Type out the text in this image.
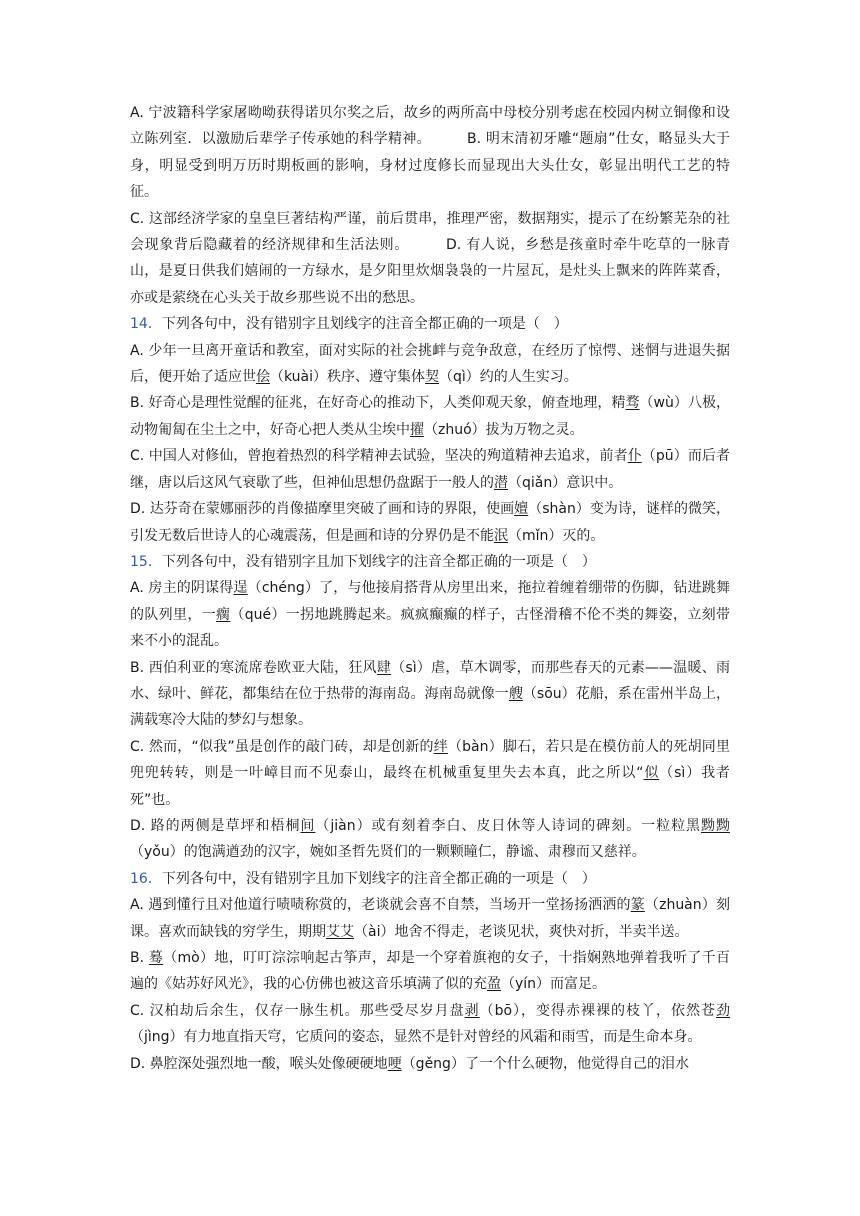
A. 宁波籍科学家屠呦呦获得诺贝尔奖之后，故乡的两所高中母校分别考虑在校园内树立铜像和设立陈列室．以激励后辈学子传承她的科学精神。　　　B. 明末清初牙雕“题扇”仕女，略显头大于身，明显受到明万历时期板画的影响，身材过度修长而显现出大头仕女，彰显出明代工艺的特征。

C. 这部经济学家的皇皇巨著结构严谨，前后贯串，推理严密，数据翔实，提示了在纷繁芜杂的社会现象背后隐藏着的经济规律和生活法则。　　　D. 有人说，乡愁是孩童时牵牛吃草的一脉青山，是夏日供我们嬉闹的一方绿水，是夕阳里炊烟袅袅的一片屋瓦，是灶头上飘来的阵阵菜香，亦或是萦绕在心头关于故乡那些说不出的愁思。

14．下列各句中，没有错别字且划线字的注音全都正确的一项是（　）

A. 少年一旦离开童话和教室，面对实际的社会挑衅与竞争敌意，在经历了惊愕、迷惘与进退失据后，便开始了适应世侩（kuài）秩序、遵守集体契（qì）约的人生实习。

B. 好奇心是理性觉醒的征兆，在好奇心的推动下，人类仰观天象，俯查地理，精骛（wù）八极，动物匍匐在尘土之中，好奇心把人类从尘埃中擢（zhuó）拔为万物之灵。

C. 中国人对修仙，曾抱着热烈的科学精神去试验，坚决的殉道精神去追求，前者仆（pū）而后者继，唐以后这风气衰歇了些，但神仙思想仍盘踞于一般人的潜（qiǎn）意识中。

D. 达芬奇在蒙娜丽莎的肖像描摩里突破了画和诗的界限，使画嬗（shàn）变为诗，谜样的微笑，引发无数后世诗人的心魂震荡，但是画和诗的分界仍是不能泯（mǐn）灭的。

15．下列各句中，没有错别字且加下划线字的注音全都正确的一项是（　）

A. 房主的阴谋得逞（chéng）了，与他接肩搭背从房里出来，拖拉着缠着绷带的伤脚，钻进跳舞的队列里，一瘸（qué）一拐地跳腾起来。疯疯癫癫的样子，古怪滑稽不伦不类的舞姿，立刻带来不小的混乱。

B. 西伯利亚的寒流席卷欧亚大陆，狂风肆（sì）虐，草木调零，而那些春天的元素——温暖、雨水、绿叶、鲜花，都集结在位于热带的海南岛。海南岛就像一艘（sōu）花船，系在雷州半岛上，满载寒冷大陆的梦幻与想象。

C. 然而，“似我”虽是创作的敲门砖，却是创新的绊（bàn）脚石，若只是在模仿前人的死胡同里兜兜转转，则是一叶嶂目而不见泰山，最终在机械重复里失去本真，此之所以“似（sì）我者死”也。

D. 路的两侧是草坪和梧桐间（jiàn）或有刻着李白、皮日休等人诗词的碑刻。一粒粒黑黝黝（yǒu）的饱满遒劲的汉字，婉如圣哲先贤们的一颗颗瞳仁，静谧、肃穆而又慈祥。

16．下列各句中，没有错别字且加下划线字的注音全都正确的一项是（　）

A. 遇到懂行且对他道行啧啧称赏的，老谈就会喜不自禁，当场开一堂扬扬洒洒的篆（zhuàn）刻课。喜欢而缺钱的穷学生，期期艾艾（ài）地舍不得走，老谈见状，爽快对折，半卖半送。

B. 蓦（mò）地，叮叮淙淙响起古筝声，却是一个穿着旗袍的女子，十指娴熟地弹着我听了千百遍的《姑苏好风光》，我的心仿佛也被这音乐填满了似的充盈（yín）而富足。

C. 汉柏劫后余生，仅存一脉生机。那些受尽岁月盘剥（bō），变得赤裸裸的枝丫，依然苍劲（jìng）有力地直指天穹，它质问的姿态，显然不是针对曾经的风霜和雨雪，而是生命本身。

D. 鼻腔深处强烈地一酸，喉头处像硬硬地哽（gěng）了一个什么硬物，他觉得自己的泪水
